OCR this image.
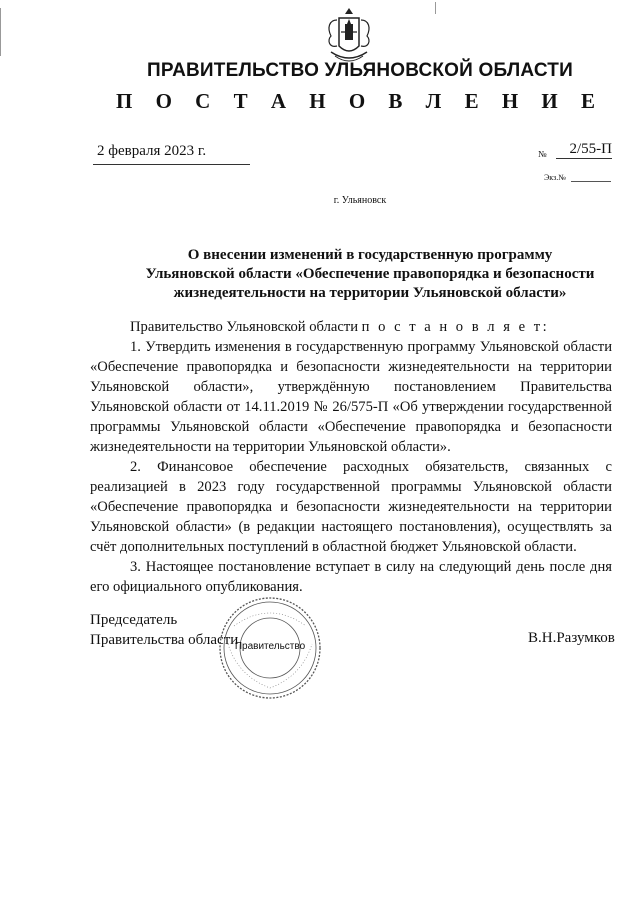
ПРАВИТЕЛЬСТВО УЛЬЯНОВСКОЙ ОБЛАСТИ
П О С Т А Н О В Л Е Н И Е
2 февраля 2023 г.	№	2/55-П
Экз.№
г. Ульяновск
О внесении изменений в государственную программу
Ульяновской области «Обеспечение правопорядка и безопасности
жизнедеятельности на территории Ульяновской области»

Правительство Ульяновской области п о с т а н о в л я е т:

1. Утвердить изменения в государственную программу Ульяновской области «Обеспечение правопорядка и безопасности жизнедеятельности на территории Ульяновской области», утверждённую постановлением Правительства Ульяновской области от 14.11.2019 № 26/575-П «Об утверждении государственной программы Ульяновской области «Обеспечение правопорядка и безопасности жизнедеятельности на территории Ульяновской области».

2. Финансовое обеспечение расходных обязательств, связанных с реализацией в 2023 году государственной программы Ульяновской области «Обеспечение правопорядка и безопасности жизнедеятельности на территории Ульяновской области» (в редакции настоящего постановления), осуществлять за счёт дополнительных поступлений в областной бюджет Ульяновской области.

3. Настоящее постановление вступает в силу на следующий день после дня его официального опубликования.

Председатель
Правительства области
Правительство
В.Н.Разумков
